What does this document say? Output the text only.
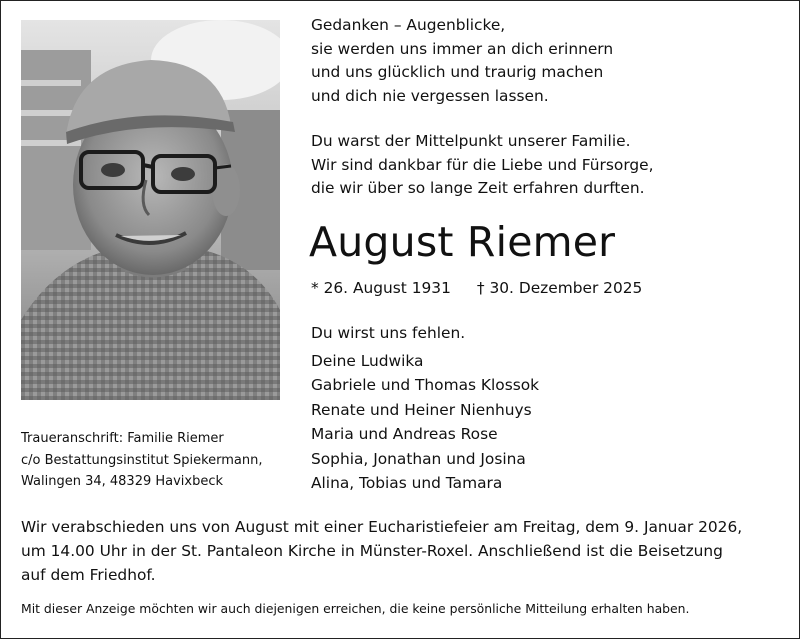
Gedanken – Augenblicke,
sie werden uns immer an dich erinnern
und uns glücklich und traurig machen
und dich nie vergessen lassen.
Du warst der Mittelpunkt unserer Familie.
Wir sind dankbar für die Liebe und Fürsorge,
die wir über so lange Zeit erfahren durften.
August Riemer
* 26. August 1931 † 30. Dezember 2025
Du wirst uns fehlen.
Deine Ludwika
Gabriele und Thomas Klossok
Renate und Heiner Nienhuys
Maria und Andreas Rose
Sophia, Jonathan und Josina
Alina, Tobias und Tamara
Traueranschrift: Familie Riemer
c/o Bestattungsinstitut Spiekermann,
Walingen 34, 48329 Havixbeck
Wir verabschieden uns von August mit einer Eucharistiefeier am Freitag, dem 9. Januar 2026,
um 14.00 Uhr in der St. Pantaleon Kirche in Münster-Roxel. Anschließend ist die Beisetzung
auf dem Friedhof.
Mit dieser Anzeige möchten wir auch diejenigen erreichen, die keine persönliche Mitteilung erhalten haben.
